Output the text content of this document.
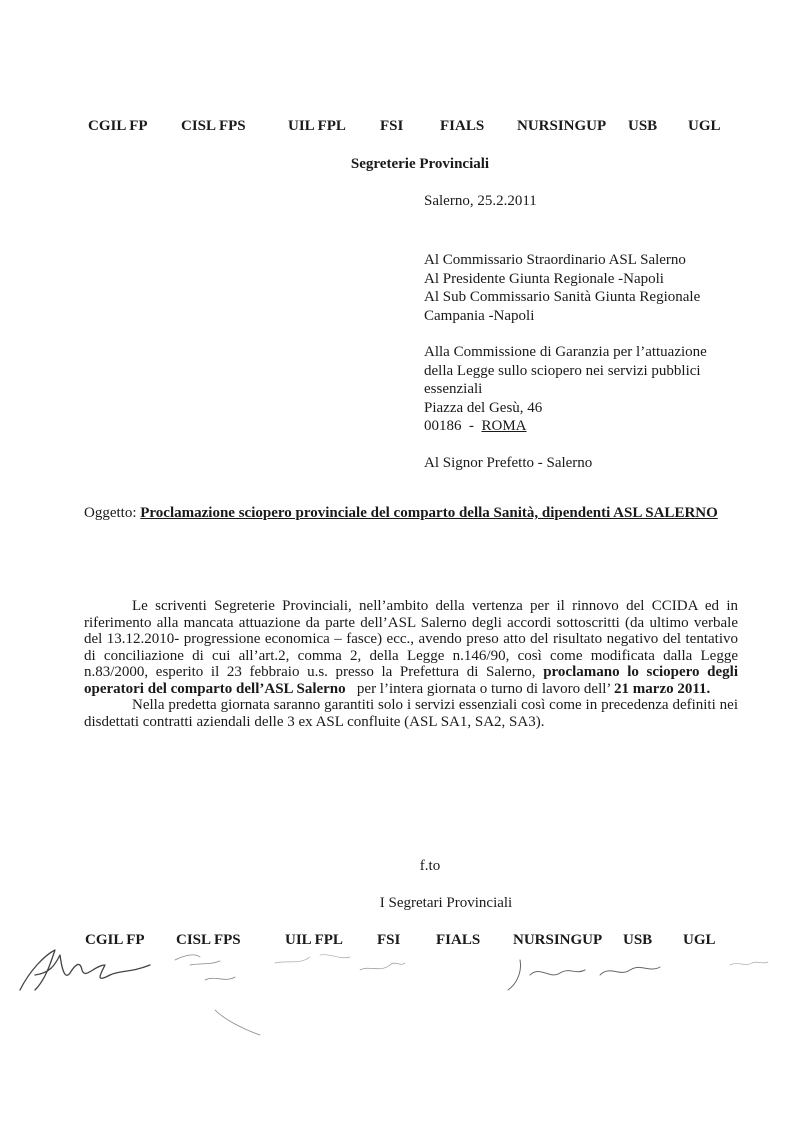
CGIL FP CISL FPS	UIL FPL FSI FIALS NURSINGUP USB UGL
Segreterie Provinciali
Salerno, 25.2.2011
Al Commissario Straordinario ASL Salerno
Al Presidente Giunta Regionale -Napoli
Al Sub Commissario Sanità Giunta Regionale
Campania -Napoli
Alla Commissione di Garanzia per l’attuazione
della Legge sullo sciopero nei servizi pubblici
essenziali
Piazza del Gesù, 46
00186  -  ROMA
Al Signor Prefetto - Salerno
Oggetto: Proclamazione sciopero provinciale del comparto della Sanità, dipendenti ASL SALERNO

Le scriventi Segreterie Provinciali, nell’ambito della vertenza per il rinnovo del CCIDA ed in riferimento alla mancata attuazione da parte dell’ASL Salerno degli accordi sottoscritti (da ultimo verbale del 13.12.2010- progressione economica – fasce) ecc., avendo preso atto del risultato negativo del tentativo di conciliazione di cui all’art.2, comma 2, della Legge n.146/90, così come modificata dalla Legge n.83/2000, esperito il 23 febbraio u.s. presso la Prefettura di Salerno, proclamano lo sciopero degli operatori del comparto dell’ASL Salerno   per l’intera giornata o turno di lavoro dell’ 21 marzo 2011.

Nella predetta giornata saranno garantiti solo i servizi essenziali così come in precedenza definiti nei disdettati contratti aziendali delle 3 ex ASL confluite (ASL SA1, SA2, SA3).

f.to
I Segretari Provinciali
CGIL FP CISL FPS	UIL FPL FSI FIALS NURSINGUP USB UGL
